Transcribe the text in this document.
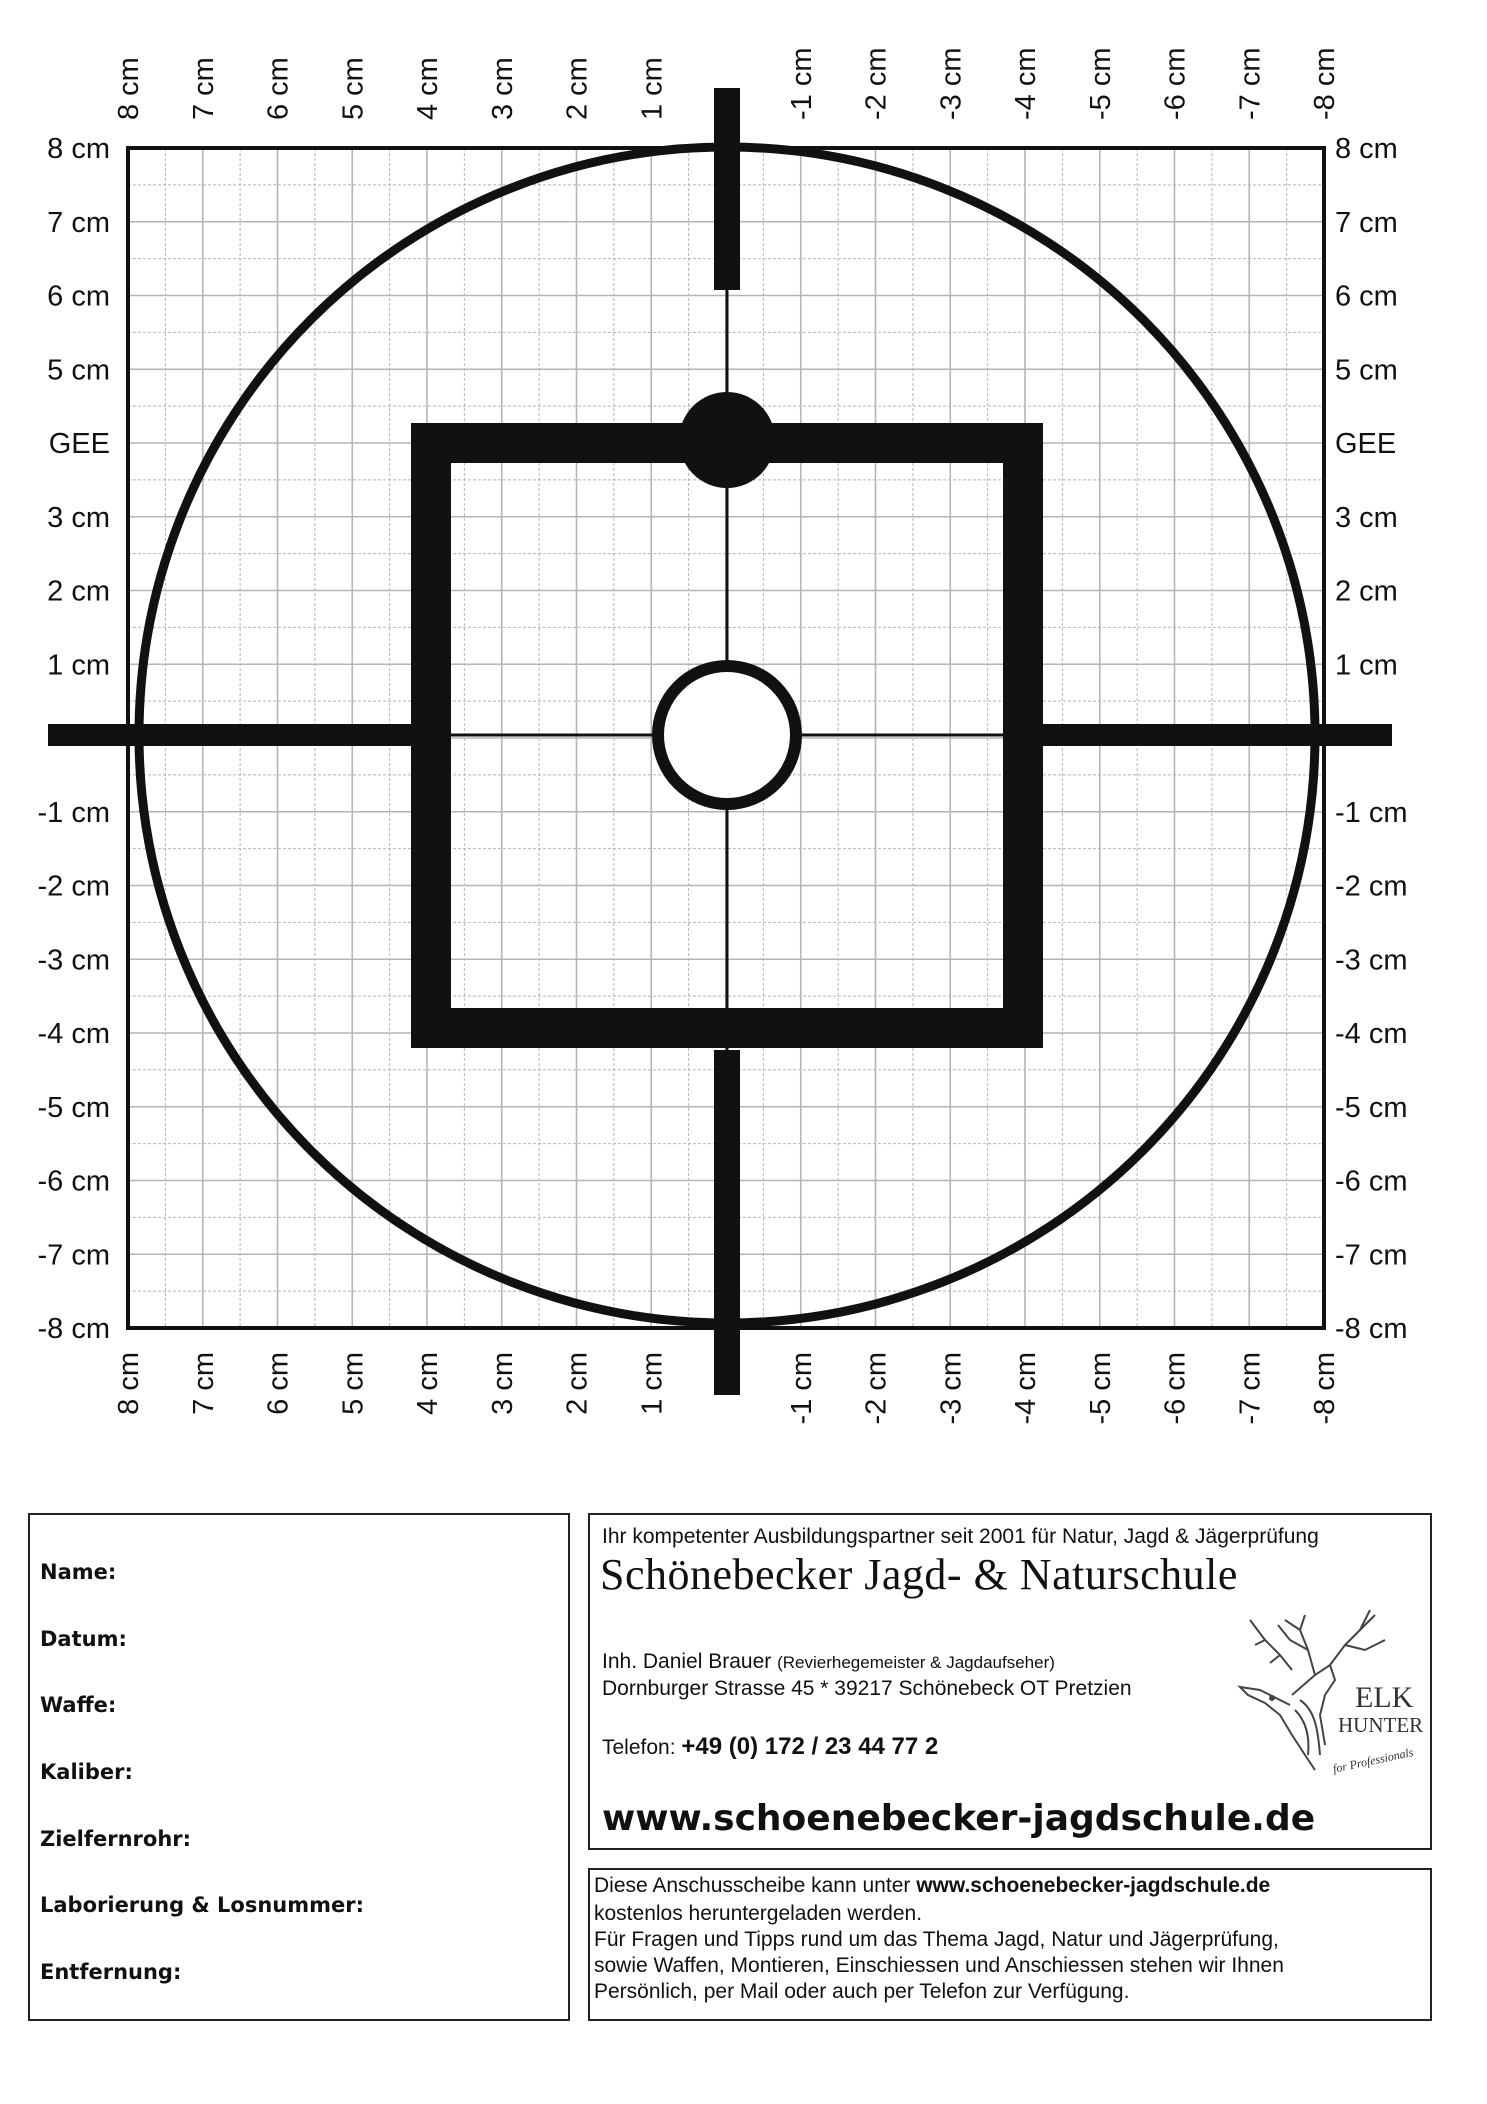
8 cm 7 cm 6 cm 5 cm 4 cm 3 cm 2 cm 1 cm	-1 cm -2 cm -3 cm -4 cm -5 cm -6 cm -7 cm -8 cm
8 cm 7 cm 6 cm 5 cm 4 cm 3 cm 2 cm 1 cm	-1 cm -2 cm -3 cm -4 cm -5 cm -6 cm -7 cm -8 cm
8 cm
7 cm
6 cm
5 cm
GEE
3 cm
2 cm
1 cm
-1 cm
-2 cm
-3 cm
-4 cm
-5 cm
-6 cm
-7 cm
-8 cm
8 cm
7 cm
6 cm
5 cm
GEE
3 cm
2 cm
1 cm
-1 cm
-2 cm
-3 cm
-4 cm
-5 cm
-6 cm
-7 cm
-8 cm
Name:
Datum:
Waffe:
Kaliber:
Zielfernrohr:
Laborierung & Losnummer:
Entfernung:
Ihr kompetenter Ausbildungspartner seit 2001 für Natur, Jagd & Jägerprüfung
Schönebecker Jagd- & Naturschule
Inh. Daniel Brauer (Revierhegemeister & Jagdaufseher)
Dornburger Strasse 45 * 39217 Schönebeck OT Pretzien
Telefon: +49 (0) 172 / 23 44 77 2
www.schoenebecker-jagdschule.de
ELK
HUNTER
for Professionals
Diese Anschusscheibe kann unter www.schoenebecker-jagdschule.de
kostenlos heruntergeladen werden.
Für Fragen und Tipps rund um das Thema Jagd, Natur und Jägerprüfung,
sowie Waffen, Montieren, Einschiessen und Anschiessen stehen wir Ihnen
Persönlich, per Mail oder auch per Telefon zur Verfügung.
